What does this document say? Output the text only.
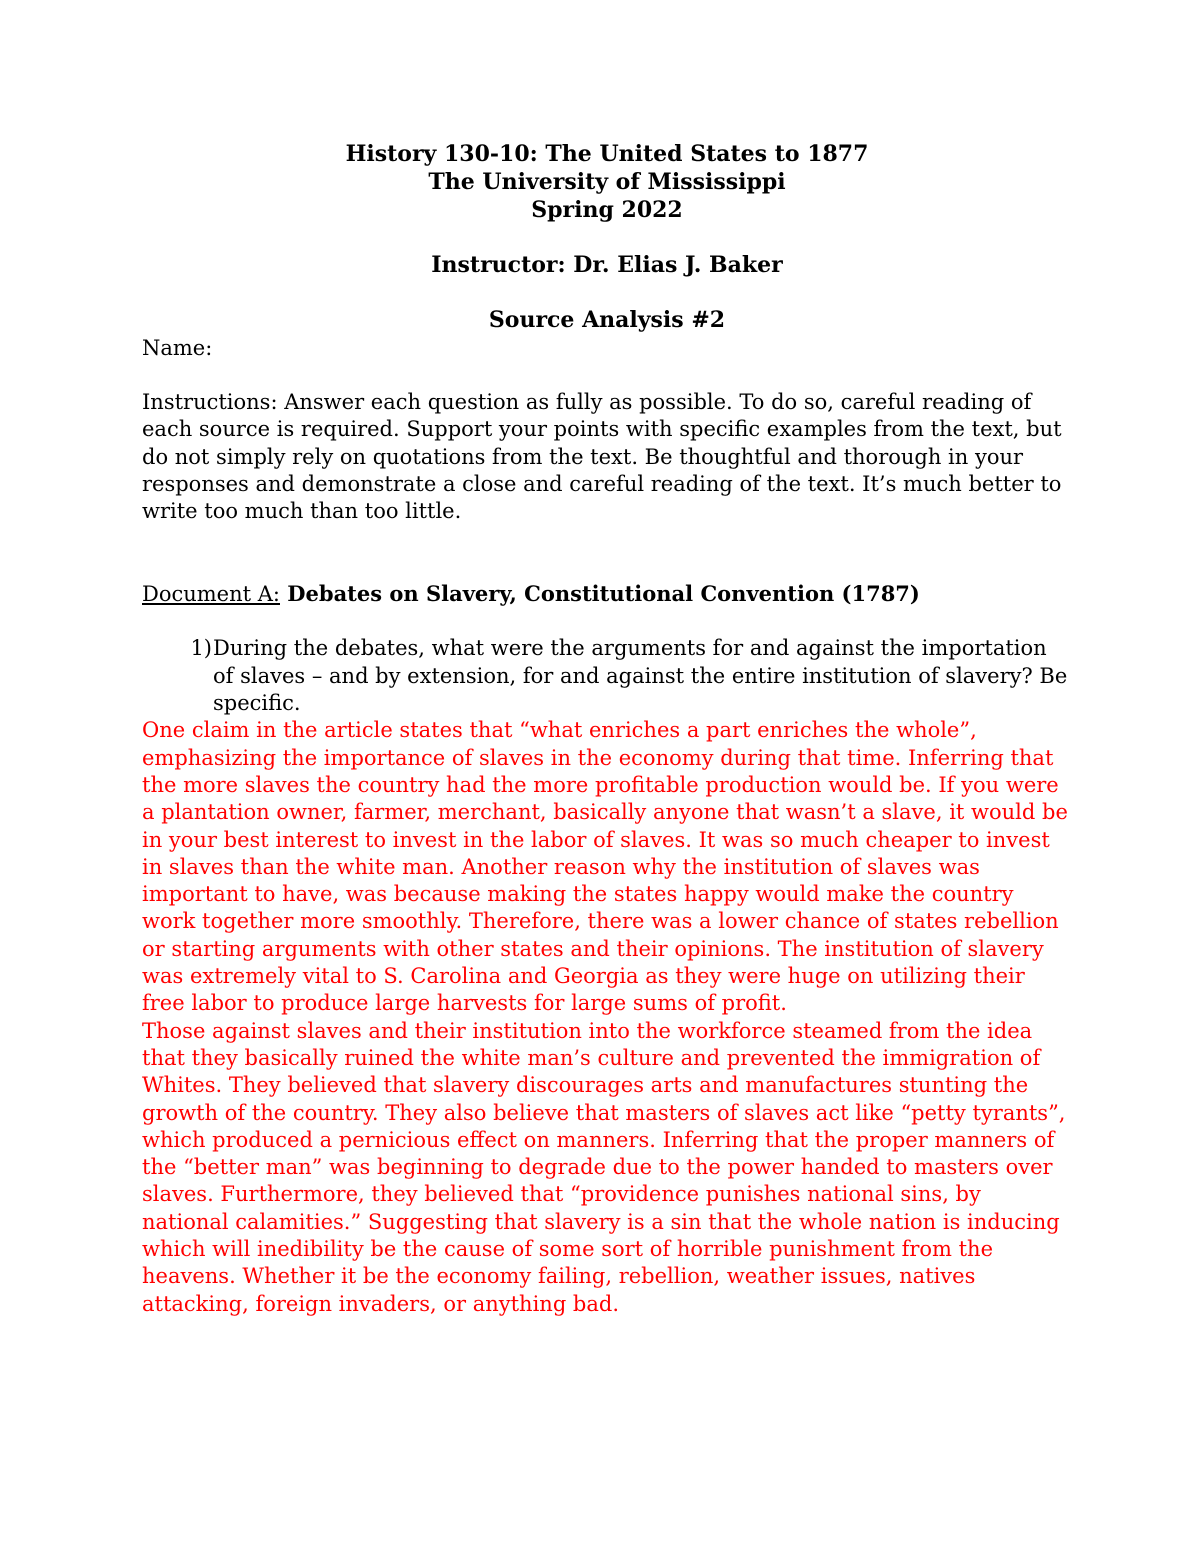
History 130-10: The United States to 1877
The University of Mississippi
Spring 2022
Instructor: Dr. Elias J. Baker
Source Analysis #2
Name:
Instructions: Answer each question as fully as possible. To do so, careful reading of each source is required. Support your points with specific examples from the text, but do not simply rely on quotations from the text. Be thoughtful and thorough in your responses and demonstrate a close and careful reading of the text. It’s much better to write too much than too little.
Document A: Debates on Slavery, Constitutional Convention (1787)
1) During the debates, what were the arguments for and against the importation of slaves – and by extension, for and against the entire institution of slavery? Be specific.

One claim in the article states that “what enriches a part enriches the whole”, emphasizing the importance of slaves in the economy during that time. Inferring that the more slaves the country had the more profitable production would be. If you were a plantation owner, farmer, merchant, basically anyone that wasn’t a slave, it would be in your best interest to invest in the labor of slaves. It was so much cheaper to invest in slaves than the white man. Another reason why the institution of slaves was important to have, was because making the states happy would make the country work together more smoothly. Therefore, there was a lower chance of states rebellion or starting arguments with other states and their opinions. The institution of slavery was extremely vital to S. Carolina and Georgia as they were huge on utilizing their free labor to produce large harvests for large sums of profit.

Those against slaves and their institution into the workforce steamed from the idea that they basically ruined the white man’s culture and prevented the immigration of Whites. They believed that slavery discourages arts and manufactures stunting the growth of the country. They also believe that masters of slaves act like “petty tyrants”, which produced a pernicious effect on manners. Inferring that the proper manners of the “better man” was beginning to degrade due to the power handed to masters over slaves. Furthermore, they believed that “providence punishes national sins, by national calamities.” Suggesting that slavery is a sin that the whole nation is inducing which will inedibility be the cause of some sort of horrible punishment from the heavens. Whether it be the economy failing, rebellion, weather issues, natives attacking, foreign invaders, or anything bad.
